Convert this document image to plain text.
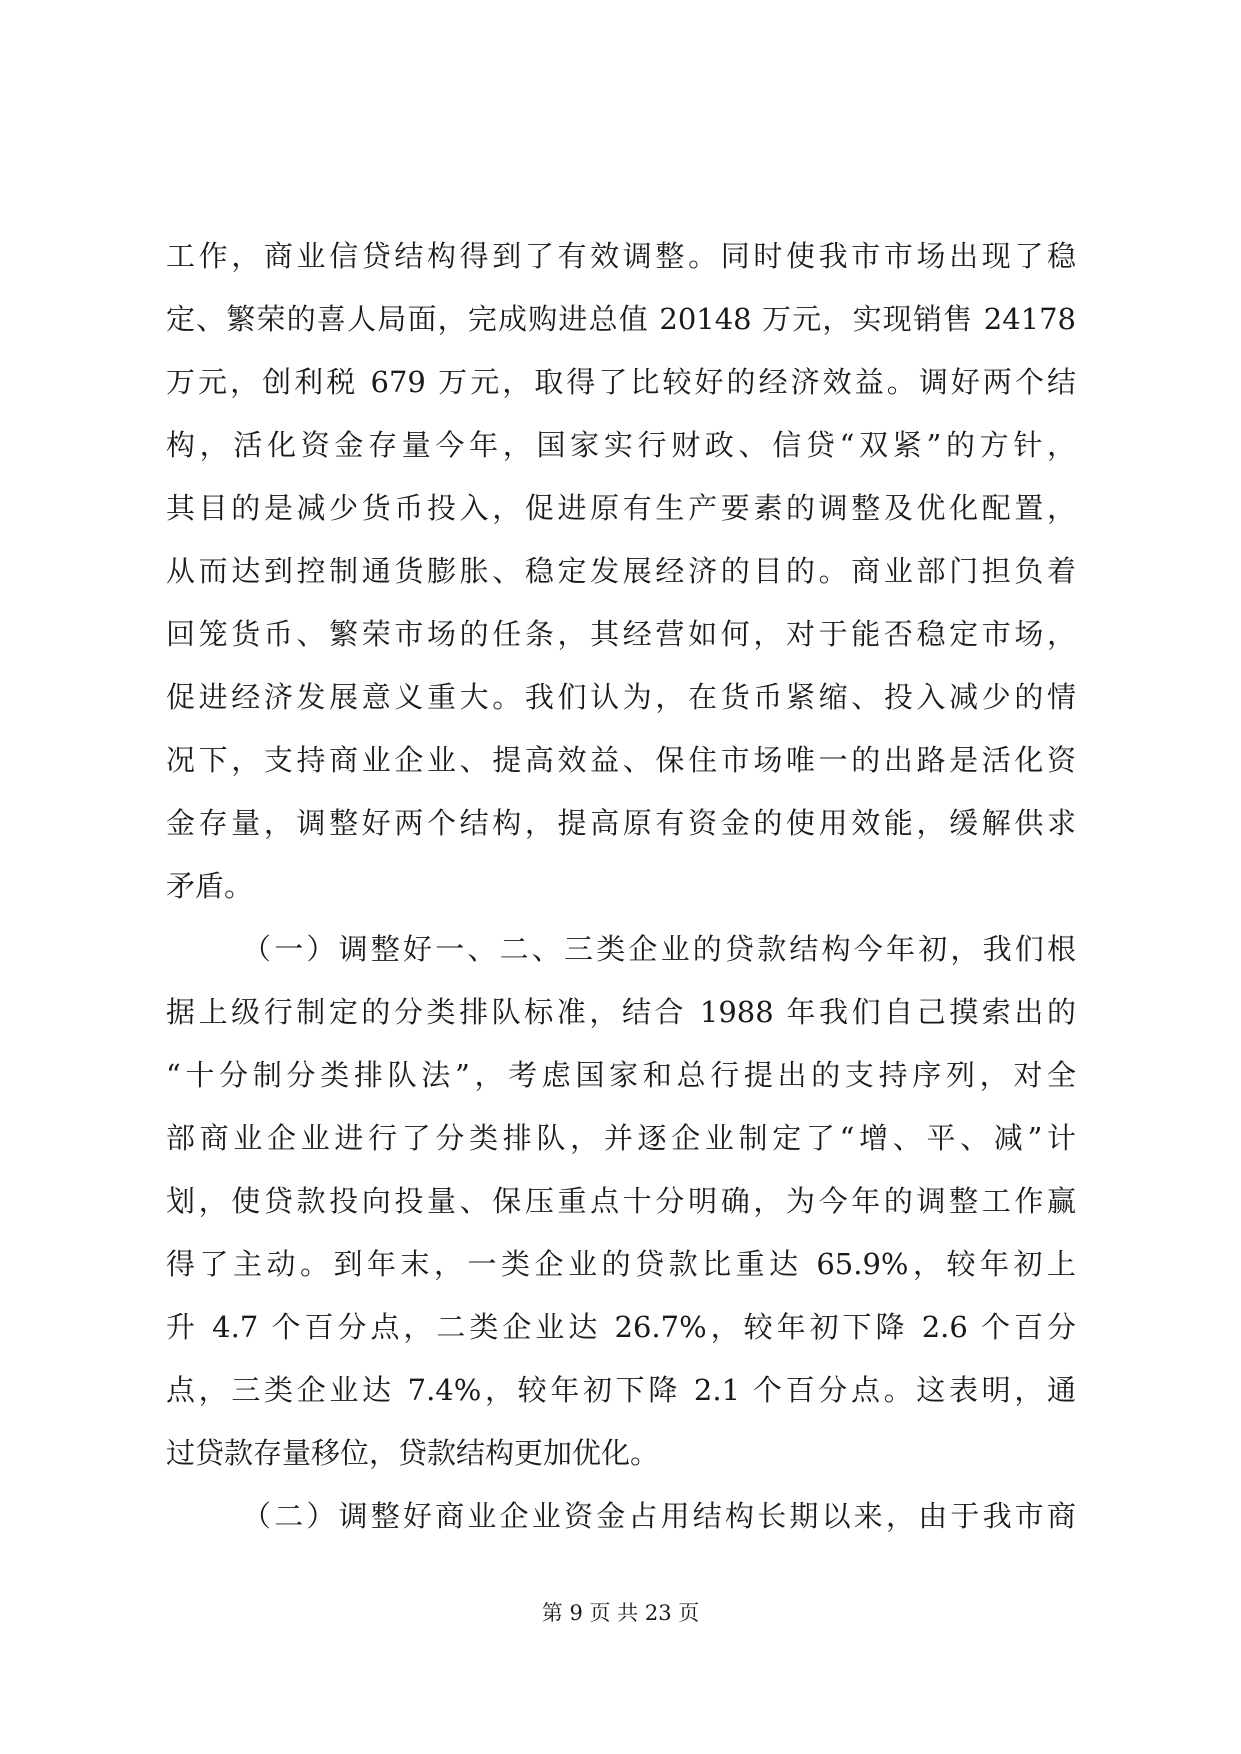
工作，商业信贷结构得到了有效调整。同时使我市市场出现了稳
定、繁荣的喜人局面，完成购进总值 20148 万元，实现销售 24178
万元，创利税 679 万元，取得了比较好的经济效益。调好两个结
构，活化资金存量今年，国家实行财政、信贷“双紧”的方针，
其目的是减少货币投入，促进原有生产要素的调整及优化配置，
从而达到控制通货膨胀、稳定发展经济的目的。商业部门担负着
回笼货币、繁荣市场的任条，其经营如何，对于能否稳定市场，
促进经济发展意义重大。我们认为，在货币紧缩、投入减少的情
况下，支持商业企业、提高效益、保住市场唯一的出路是活化资
金存量，调整好两个结构，提高原有资金的使用效能，缓解供求
矛盾。
（一）调整好一、二、三类企业的贷款结构今年初，我们根
据上级行制定的分类排队标准，结合 1988 年我们自己摸索出的
“十分制分类排队法”，考虑国家和总行提出的支持序列，对全
部商业企业进行了分类排队，并逐企业制定了“增、平、减”计
划，使贷款投向投量、保压重点十分明确，为今年的调整工作赢
得了主动。到年末，一类企业的贷款比重达 65.9%，较年初上
升 4.7 个百分点，二类企业达 26.7%，较年初下降 2.6 个百分
点，三类企业达 7.4%，较年初下降 2.1 个百分点。这表明，通
过贷款存量移位，贷款结构更加优化。
（二）调整好商业企业资金占用结构长期以来，由于我市商
第 9 页 共 23 页
